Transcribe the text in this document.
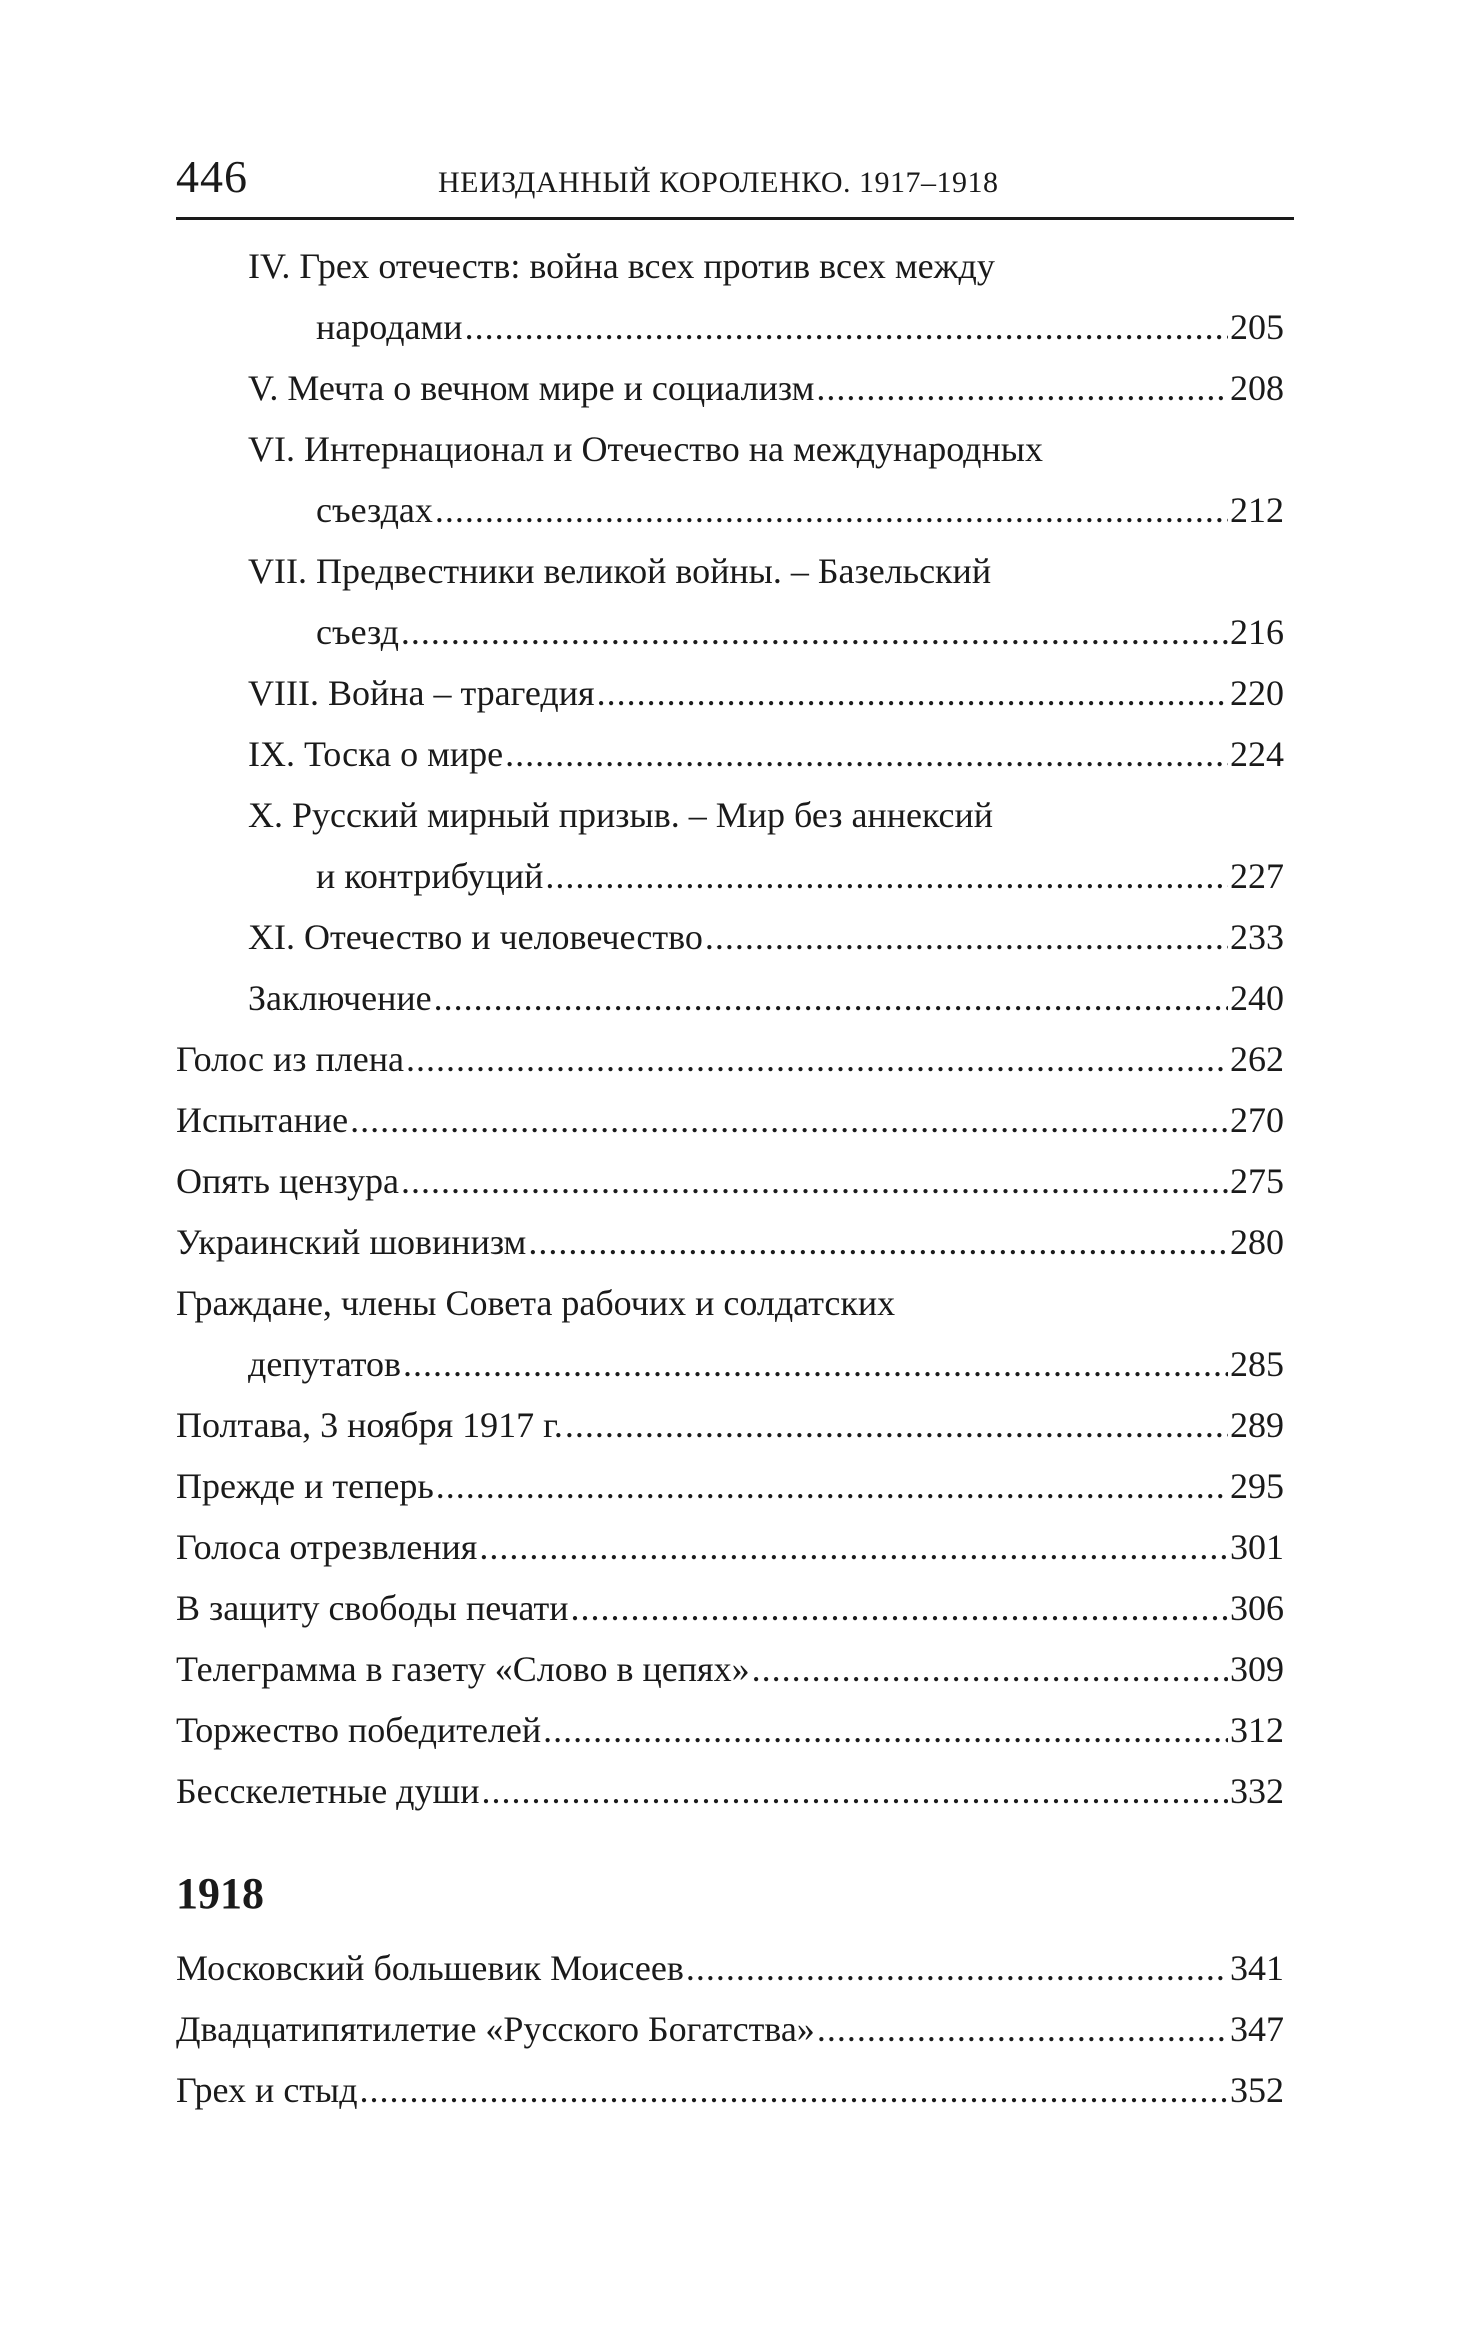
446	НЕИЗДАННЫЙ КОРОЛЕНКО. 1917–1918
IV. Грех отечеств: война всех против всех между
народами .....	205
V. Мечта о вечном мире и социализм .....	208
VI. Интернационал и Отечество на международных
съездах .....	212
VII. Предвестники великой войны. – Базельский
съезд .....	216
VIII. Война – трагедия .....	220
IX. Тоска о мире .....	224
X. Русский мирный призыв. – Мир без аннексий
и контрибуций .....	227
XI. Отечество и человечество .....	233
Заключение .....	240
Голос из плена .....	262
Испытание .....	270
Опять цензура .....	275
Украинский шовинизм .....	280
Граждане, члены Совета рабочих и солдатских
депутатов .....	285
Полтава, 3 ноября 1917 г. .....	289
Прежде и теперь .....	295
Голоса отрезвления .....	301
В защиту свободы печати .....	306
Телеграмма в газету «Слово в цепях» .....	309
Торжество победителей .....	312
Бесскелетные души .....	332
1918
Московский большевик Моисеев .....	341
Двадцатипятилетие «Русского Богатства» .....	347
Грех и стыд .....	352
